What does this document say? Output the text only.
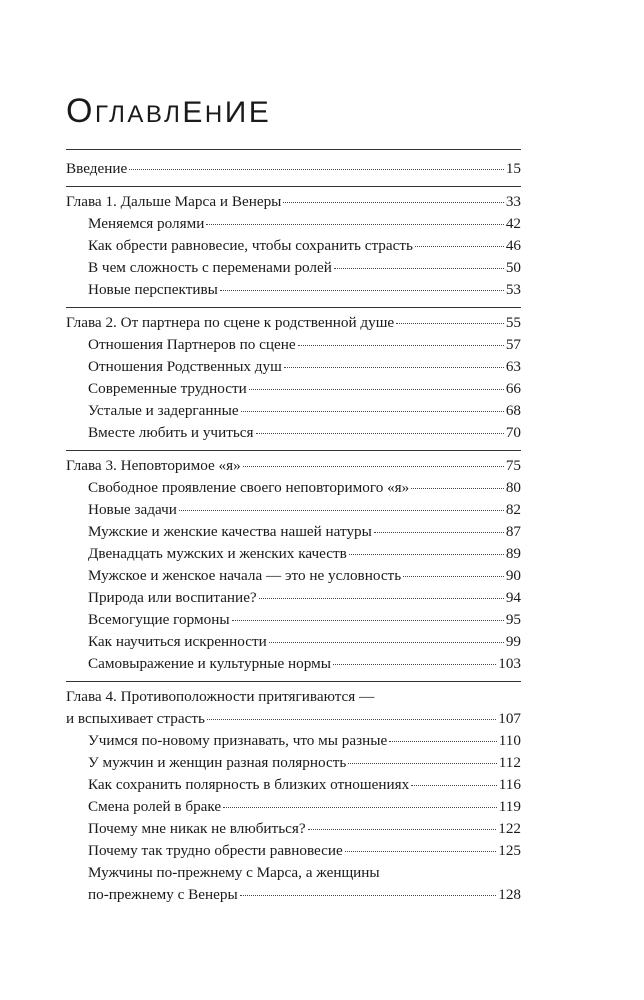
ОГЛАВЛЕНИЕ
Введение	15
Глава 1. Дальше Марса и Венеры	33
Меняемся ролями	42
Как обрести равновесие, чтобы сохранить страсть	46
В чем сложность с переменами ролей	50
Новые перспективы	53
Глава 2. От партнера по сцене к родственной душе	55
Отношения Партнеров по сцене	57
Отношения Родственных душ	63
Современные трудности	66
Усталые и задерганные	68
Вместе любить и учиться	70
Глава 3. Неповторимое «я»	75
Свободное проявление своего неповторимого «я»	80
Новые задачи	82
Мужские и женские качества нашей натуры	87
Двенадцать мужских и женских качеств	89
Мужское и женское начала — это не условность	90
Природа или воспитание?	94
Всемогущие гормоны	95
Как научиться искренности	99
Самовыражение и культурные нормы	103
Глава 4. Противоположности притягиваются —
и вспыхивает страсть	107
Учимся по-новому признавать, что мы разные	110
У мужчин и женщин разная полярность	112
Как сохранить полярность в близких отношениях	116
Смена ролей в браке	119
Почему мне никак не влюбиться?	122
Почему так трудно обрести равновесие	125
Мужчины по-прежнему с Марса, а женщины
по-прежнему с Венеры	128
